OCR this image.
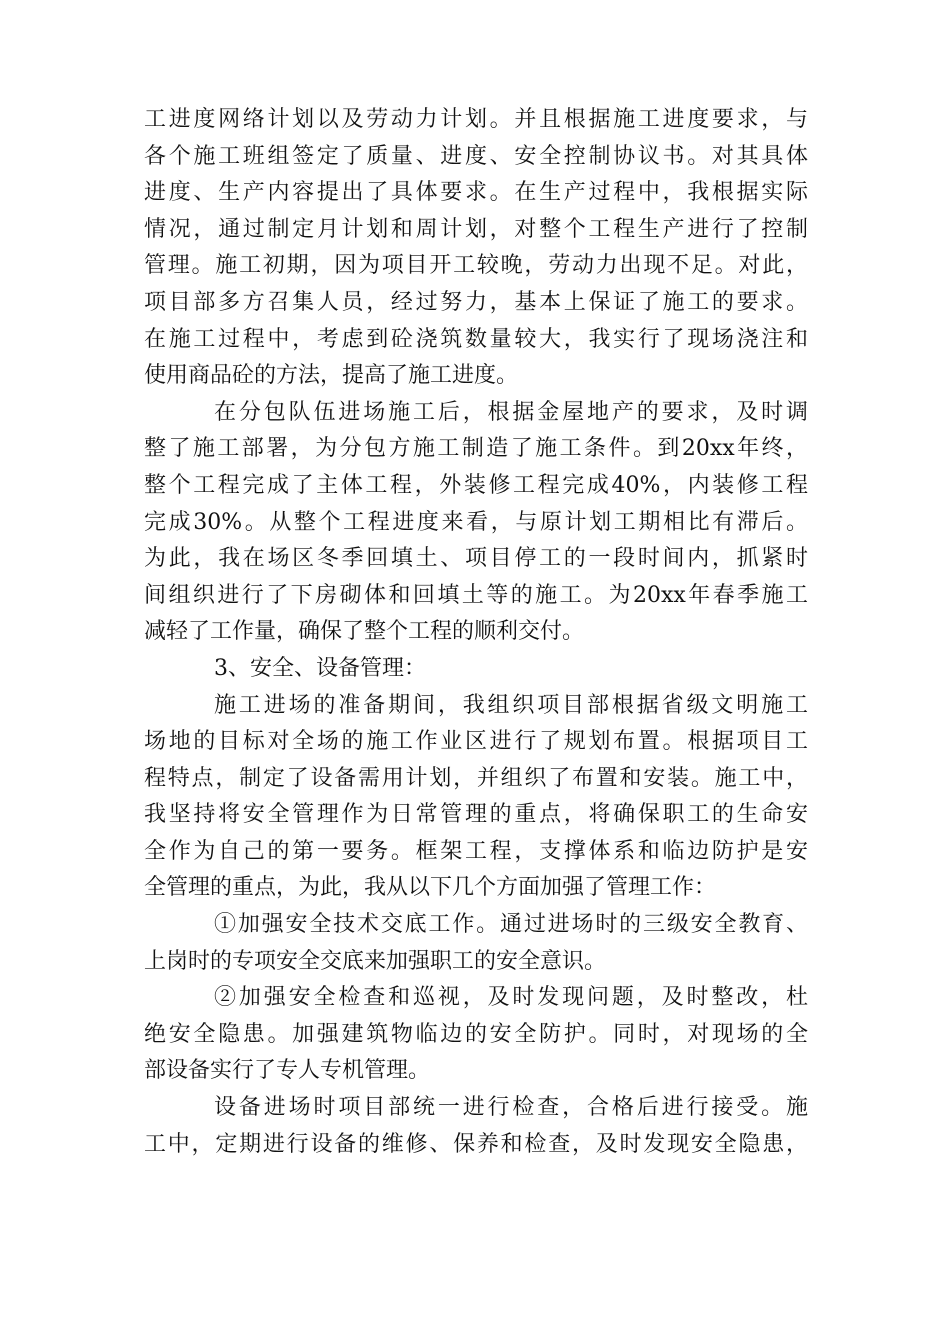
工进度网络计划以及劳动力计划。并且根据施工进度要求，与
各个施工班组签定了质量、进度、安全控制协议书。对其具体
进度、生产内容提出了具体要求。在生产过程中，我根据实际
情况，通过制定月计划和周计划，对整个工程生产进行了控制
管理。施工初期，因为项目开工较晚，劳动力出现不足。对此，
项目部多方召集人员，经过努力，基本上保证了施工的要求。
在施工过程中，考虑到砼浇筑数量较大，我实行了现场浇注和
使用商品砼的方法，提高了施工进度。
在分包队伍进场施工后，根据金屋地产的要求，及时调
整了施工部署，为分包方施工制造了施工条件。到20xx年终，
整个工程完成了主体工程，外装修工程完成40%，内装修工程
完成30%。从整个工程进度来看，与原计划工期相比有滞后。
为此，我在场区冬季回填土、项目停工的一段时间内，抓紧时
间组织进行了下房砌体和回填土等的施工。为20xx年春季施工
减轻了工作量，确保了整个工程的顺利交付。
3、安全、设备管理：
施工进场的准备期间，我组织项目部根据省级文明施工
场地的目标对全场的施工作业区进行了规划布置。根据项目工
程特点，制定了设备需用计划，并组织了布置和安装。施工中，
我坚持将安全管理作为日常管理的重点，将确保职工的生命安
全作为自己的第一要务。框架工程，支撑体系和临边防护是安
全管理的重点，为此，我从以下几个方面加强了管理工作：
①加强安全技术交底工作。通过进场时的三级安全教育、
上岗时的专项安全交底来加强职工的安全意识。
②加强安全检查和巡视，及时发现问题，及时整改，杜
绝安全隐患。加强建筑物临边的安全防护。同时，对现场的全
部设备实行了专人专机管理。
设备进场时项目部统一进行检查，合格后进行接受。施
工中，定期进行设备的维修、保养和检查，及时发现安全隐患，
